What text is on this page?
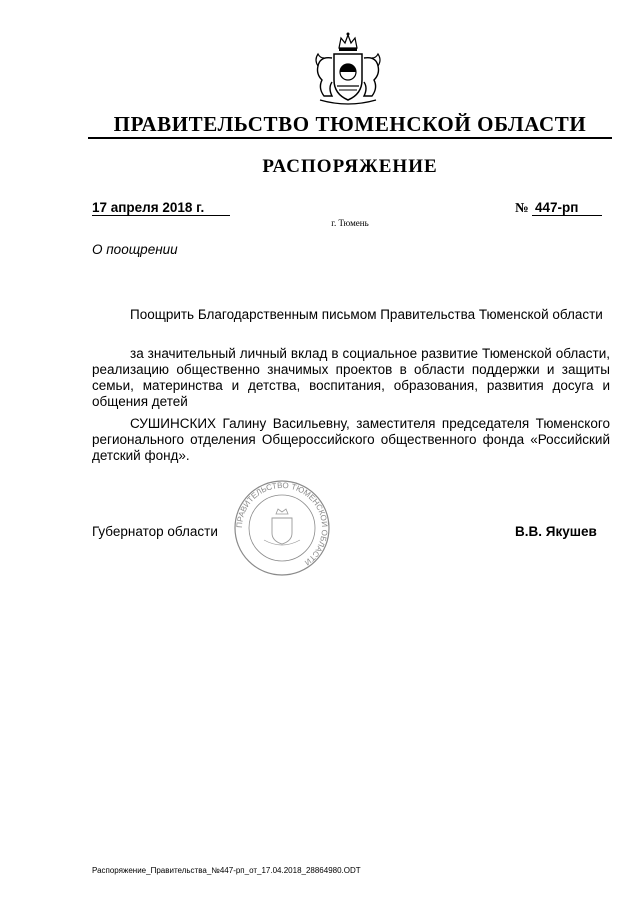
ПРАВИТЕЛЬСТВО ТЮМЕНСКОЙ ОБЛАСТИ
РАСПОРЯЖЕНИЕ
17 апреля 2018 г.	№ 447-рп
г. Тюмень
О поощрении
Поощрить Благодарственным письмом Правительства Тюменской области
за значительный личный вклад в социальное развитие Тюменской области, реализацию общественно значимых проектов в области поддержки и защиты семьи, материнства и детства, воспитания, образования, развития досуга и общения детей
СУШИНСКИХ Галину Васильевну, заместителя председателя Тюменского регионального отделения Общероссийского общественного фонда «Российский детский фонд».
ПРАВИТЕЛЬСТВО ТЮМЕНСКОЙ ОБЛАСТИ
Губернатор области	В.В. Якушев
Распоряжение_Правительства_№447-рп_от_17.04.2018_28864980.ODT
